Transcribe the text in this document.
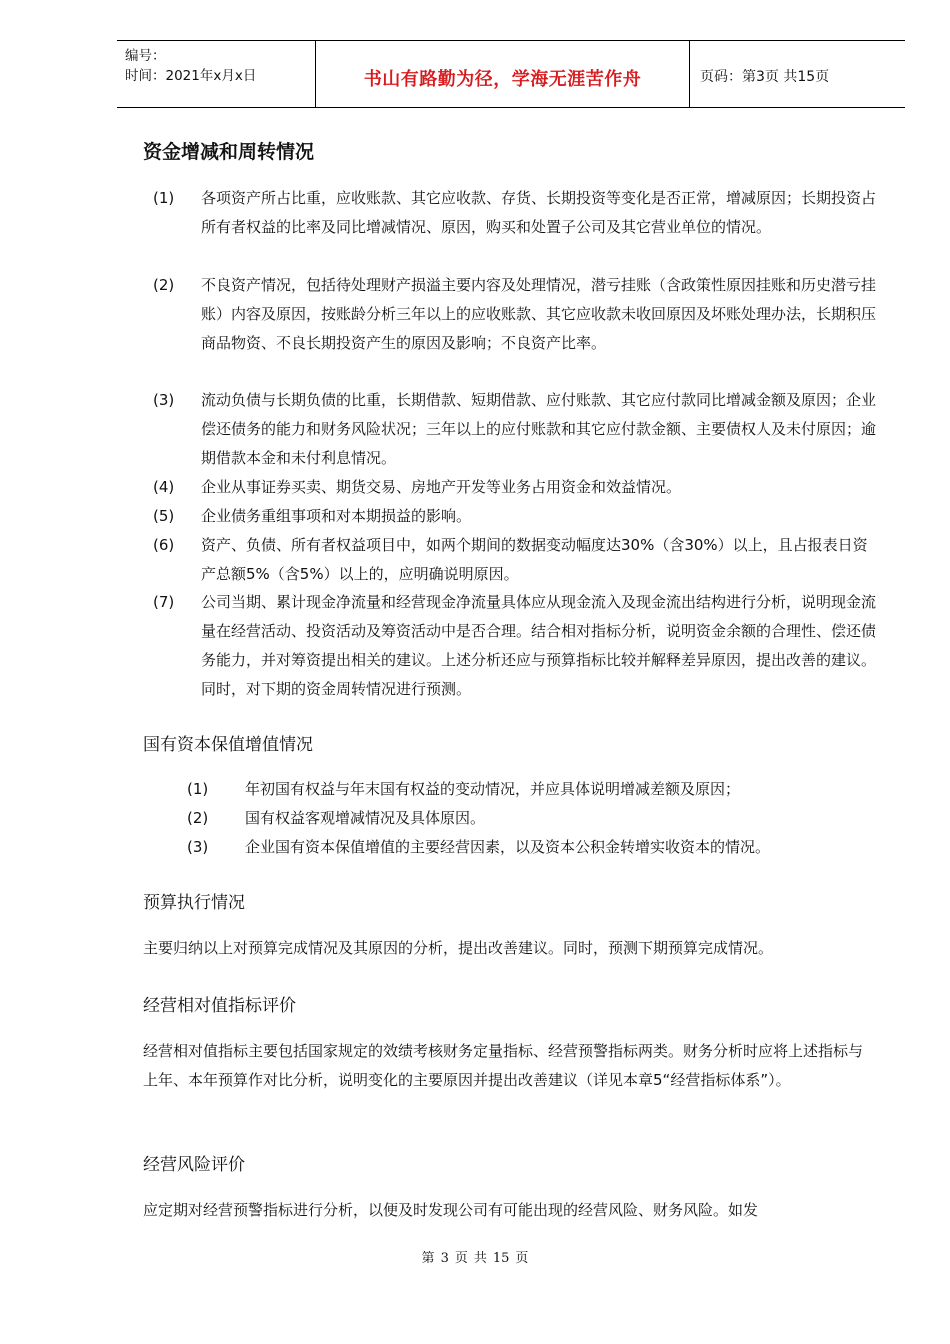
编号：
时间：2021年x月x日	书山有路勤为径，学海无涯苦作舟	页码：第3页 共15页
资金增减和周转情况
(1)	各项资产所占比重，应收账款、其它应收款、存货、长期投资等变化是否正常，增减原因；长期投资占所有者权益的比率及同比增减情况、原因，购买和处置子公司及其它营业单位的情况。
(2)	不良资产情况，包括待处理财产损溢主要内容及处理情况，潜亏挂账（含政策性原因挂账和历史潜亏挂账）内容及原因，按账龄分析三年以上的应收账款、其它应收款未收回原因及坏账处理办法，长期积压商品物资、不良长期投资产生的原因及影响；不良资产比率。
(3)	流动负债与长期负债的比重，长期借款、短期借款、应付账款、其它应付款同比增减金额及原因；企业偿还债务的能力和财务风险状况；三年以上的应付账款和其它应付款金额、主要债权人及未付原因；逾期借款本金和未付利息情况。
(4)	企业从事证券买卖、期货交易、房地产开发等业务占用资金和效益情况。
(5)	企业债务重组事项和对本期损益的影响。
(6)	资产、负债、所有者权益项目中，如两个期间的数据变动幅度达30%（含30%）以上，且占报表日资产总额5%（含5%）以上的，应明确说明原因。
(7)	公司当期、累计现金净流量和经营现金净流量具体应从现金流入及现金流出结构进行分析，说明现金流量在经营活动、投资活动及筹资活动中是否合理。结合相对指标分析，说明资金余额的合理性、偿还债务能力，并对筹资提出相关的建议。上述分析还应与预算指标比较并解释差异原因，提出改善的建议。同时，对下期的资金周转情况进行预测。
国有资本保值增值情况
(1)	年初国有权益与年末国有权益的变动情况，并应具体说明增减差额及原因；
(2)	国有权益客观增减情况及具体原因。
(3)	企业国有资本保值增值的主要经营因素，以及资本公积金转增实收资本的情况。
预算执行情况
主要归纳以上对预算完成情况及其原因的分析，提出改善建议。同时，预测下期预算完成情况。
经营相对值指标评价
经营相对值指标主要包括国家规定的效绩考核财务定量指标、经营预警指标两类。财务分析时应将上述指标与上年、本年预算作对比分析，说明变化的主要原因并提出改善建议（详见本章5“经营指标体系”）。
经营风险评价
应定期对经营预警指标进行分析，以便及时发现公司有可能出现的经营风险、财务风险。如发
第 3 页 共 15 页
